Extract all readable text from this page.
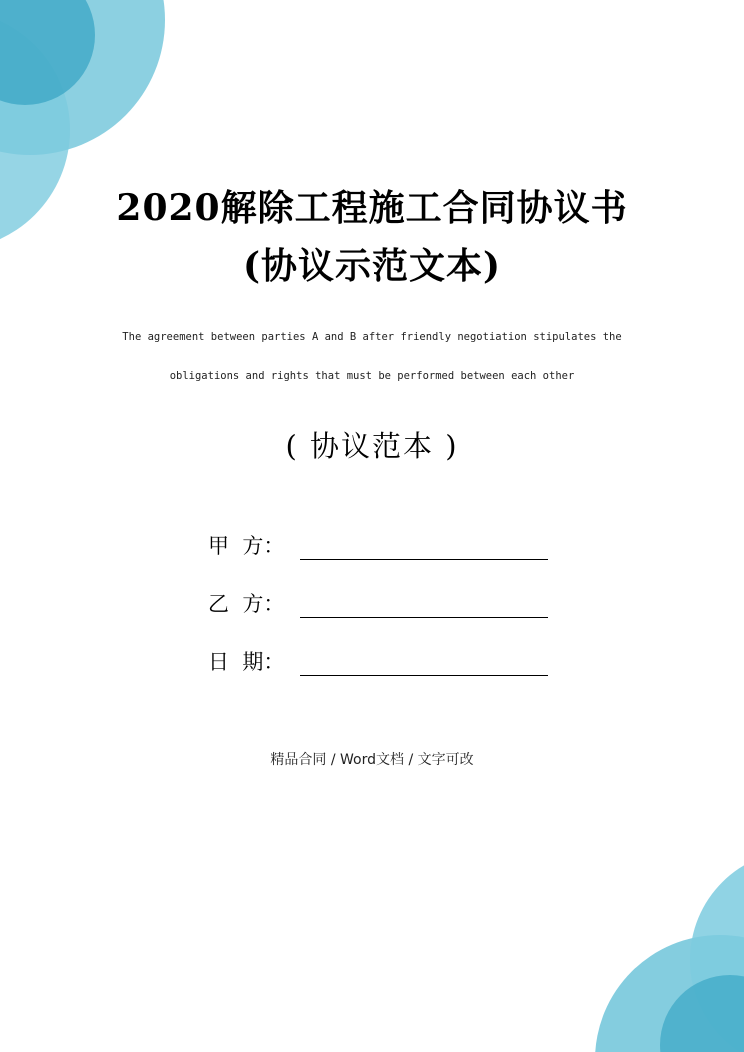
2020解除工程施工合同协议书
(协议示范文本)
The agreement between parties A and B after friendly negotiation stipulates the
obligations and rights that must be performed between each other
( 协议范本 )
甲  方：
乙  方：
日  期：
精品合同 / Word文档 / 文字可改
